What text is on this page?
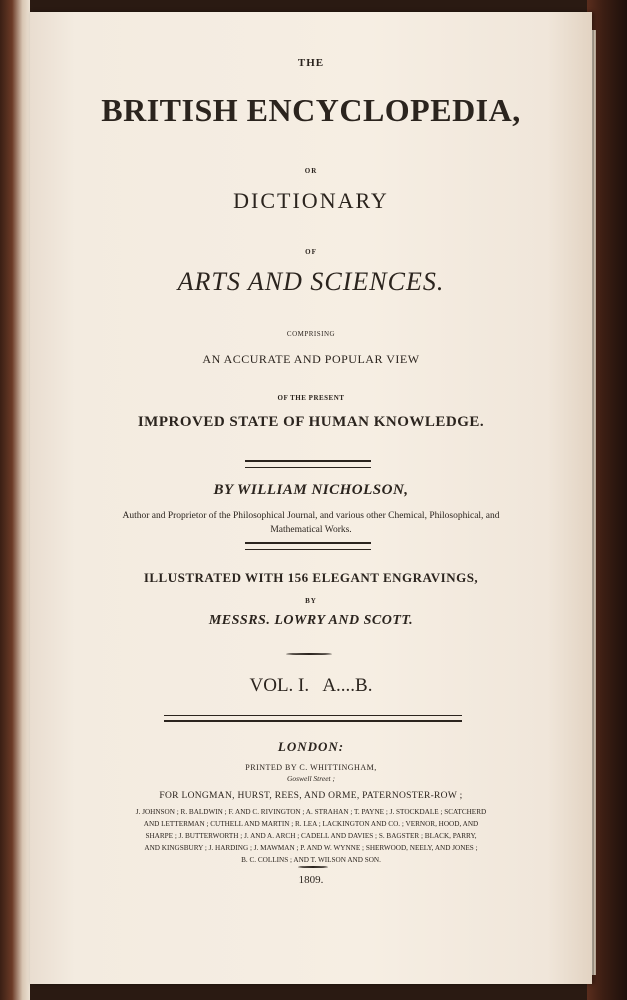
THE
BRITISH ENCYCLOPEDIA,
OR
DICTIONARY
OF
ARTS AND SCIENCES.
COMPRISING
AN ACCURATE AND POPULAR VIEW
OF THE PRESENT
IMPROVED STATE OF HUMAN KNOWLEDGE.
BY WILLIAM NICHOLSON,
Author and Proprietor of the Philosophical Journal, and various other Chemical, Philosophical, and
Mathematical Works.
ILLUSTRATED WITH 156 ELEGANT ENGRAVINGS,
BY
MESSRS. LOWRY AND SCOTT.
VOL. I.   A....B.
LONDON:
PRINTED BY C. WHITTINGHAM,
Goswell Street ;
FOR LONGMAN, HURST, REES, AND ORME, PATERNOSTER-ROW ;
J. JOHNSON ; R. BALDWIN ; F. AND C. RIVINGTON ; A. STRAHAN ; T. PAYNE ; J. STOCKDALE ; SCATCHERD
AND LETTERMAN ; CUTHELL AND MARTIN ; R. LEA ; LACKINGTON AND CO. ; VERNOR, HOOD, AND
SHARPE ; J. BUTTERWORTH ; J. AND A. ARCH ; CADELL AND DAVIES ; S. BAGSTER ; BLACK, PARRY,
AND KINGSBURY ; J. HARDING ; J. MAWMAN ; P. AND W. WYNNE ; SHERWOOD, NEELY, AND JONES ;
B. C. COLLINS ; AND T. WILSON AND SON.
1809.
